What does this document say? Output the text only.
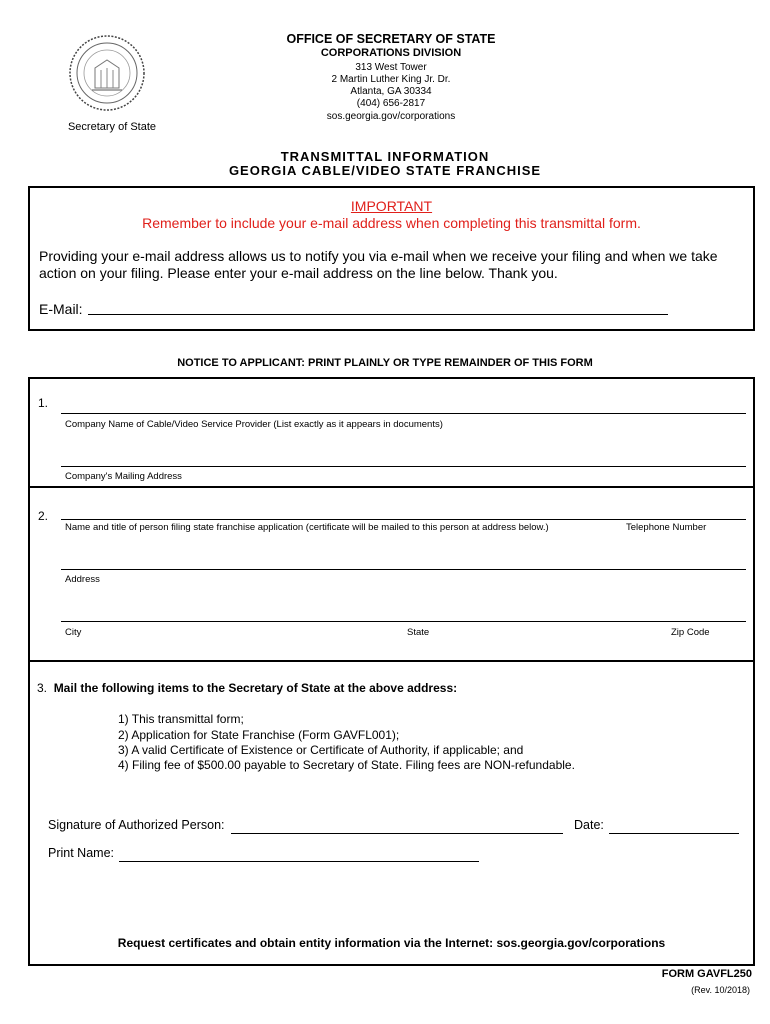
Secretary of State
OFFICE OF SECRETARY OF STATE
CORPORATIONS DIVISION
313 West Tower
2 Martin Luther King Jr. Dr.
Atlanta, GA 30334
(404) 656-2817
sos.georgia.gov/corporations
TRANSMITTAL INFORMATION
GEORGIA CABLE/VIDEO STATE FRANCHISE
IMPORTANT
Remember to include your e-mail address when completing this transmittal form.
Providing your e-mail address allows us to notify you via e-mail when we receive your filing and when we take action on your filing. Please enter your e-mail address on the line below. Thank you.
E-Mail:
NOTICE TO APPLICANT: PRINT PLAINLY OR TYPE REMAINDER OF THIS FORM
1.
Company Name of Cable/Video Service Provider (List exactly as it appears in documents)
Company's Mailing Address
2.
Name and title of person filing state franchise application (certificate will be mailed to this person at address below.)	Telephone Number
Address
City	State	Zip Code
3. Mail the following items to the Secretary of State at the above address:
1) This transmittal form;
2) Application for State Franchise (Form GAVFL001);
3) A valid Certificate of Existence or Certificate of Authority, if applicable; and
4) Filing fee of $500.00 payable to Secretary of State. Filing fees are NON-refundable.
Signature of Authorized Person:	Date:
Print Name:
Request certificates and obtain entity information via the Internet: sos.georgia.gov/corporations
FORM GAVFL250
(Rev. 10/2018)
